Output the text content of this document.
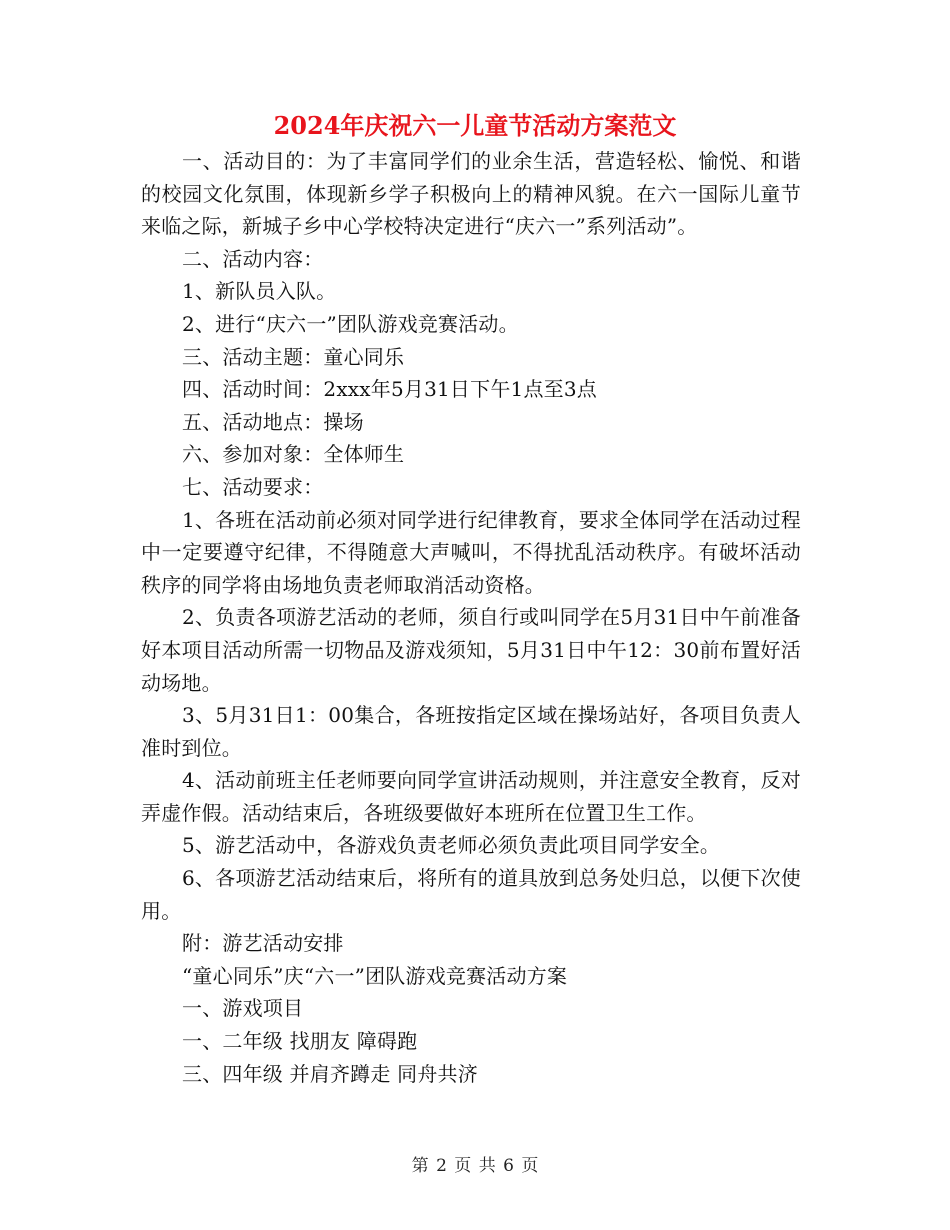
2024年庆祝六一儿童节活动方案范文

一、活动目的：为了丰富同学们的业余生活，营造轻松、愉悦、和谐的校园文化氛围，体现新乡学子积极向上的精神风貌。在六一国际儿童节来临之际，新城子乡中心学校特决定进行“庆六一”系列活动”。

二、活动内容：

1、新队员入队。

2、进行“庆六一”团队游戏竞赛活动。

三、活动主题：童心同乐

四、活动时间：2xxx年5月31日下午1点至3点

五、活动地点：操场

六、参加对象：全体师生

七、活动要求：

1、各班在活动前必须对同学进行纪律教育，要求全体同学在活动过程中一定要遵守纪律，不得随意大声喊叫，不得扰乱活动秩序。有破坏活动秩序的同学将由场地负责老师取消活动资格。

2、负责各项游艺活动的老师，须自行或叫同学在5月31日中午前准备好本项目活动所需一切物品及游戏须知，5月31日中午12：30前布置好活动场地。

3、5月31日1：00集合，各班按指定区域在操场站好，各项目负责人准时到位。

4、活动前班主任老师要向同学宣讲活动规则，并注意安全教育，反对弄虚作假。活动结束后，各班级要做好本班所在位置卫生工作。

5、游艺活动中，各游戏负责老师必须负责此项目同学安全。

6、各项游艺活动结束后，将所有的道具放到总务处归总，以便下次使用。

附：游艺活动安排

“童心同乐”庆“六一”团队游戏竞赛活动方案

一、游戏项目

一、二年级 找朋友 障碍跑

三、四年级 并肩齐蹲走 同舟共济

第 2 页 共 6 页
